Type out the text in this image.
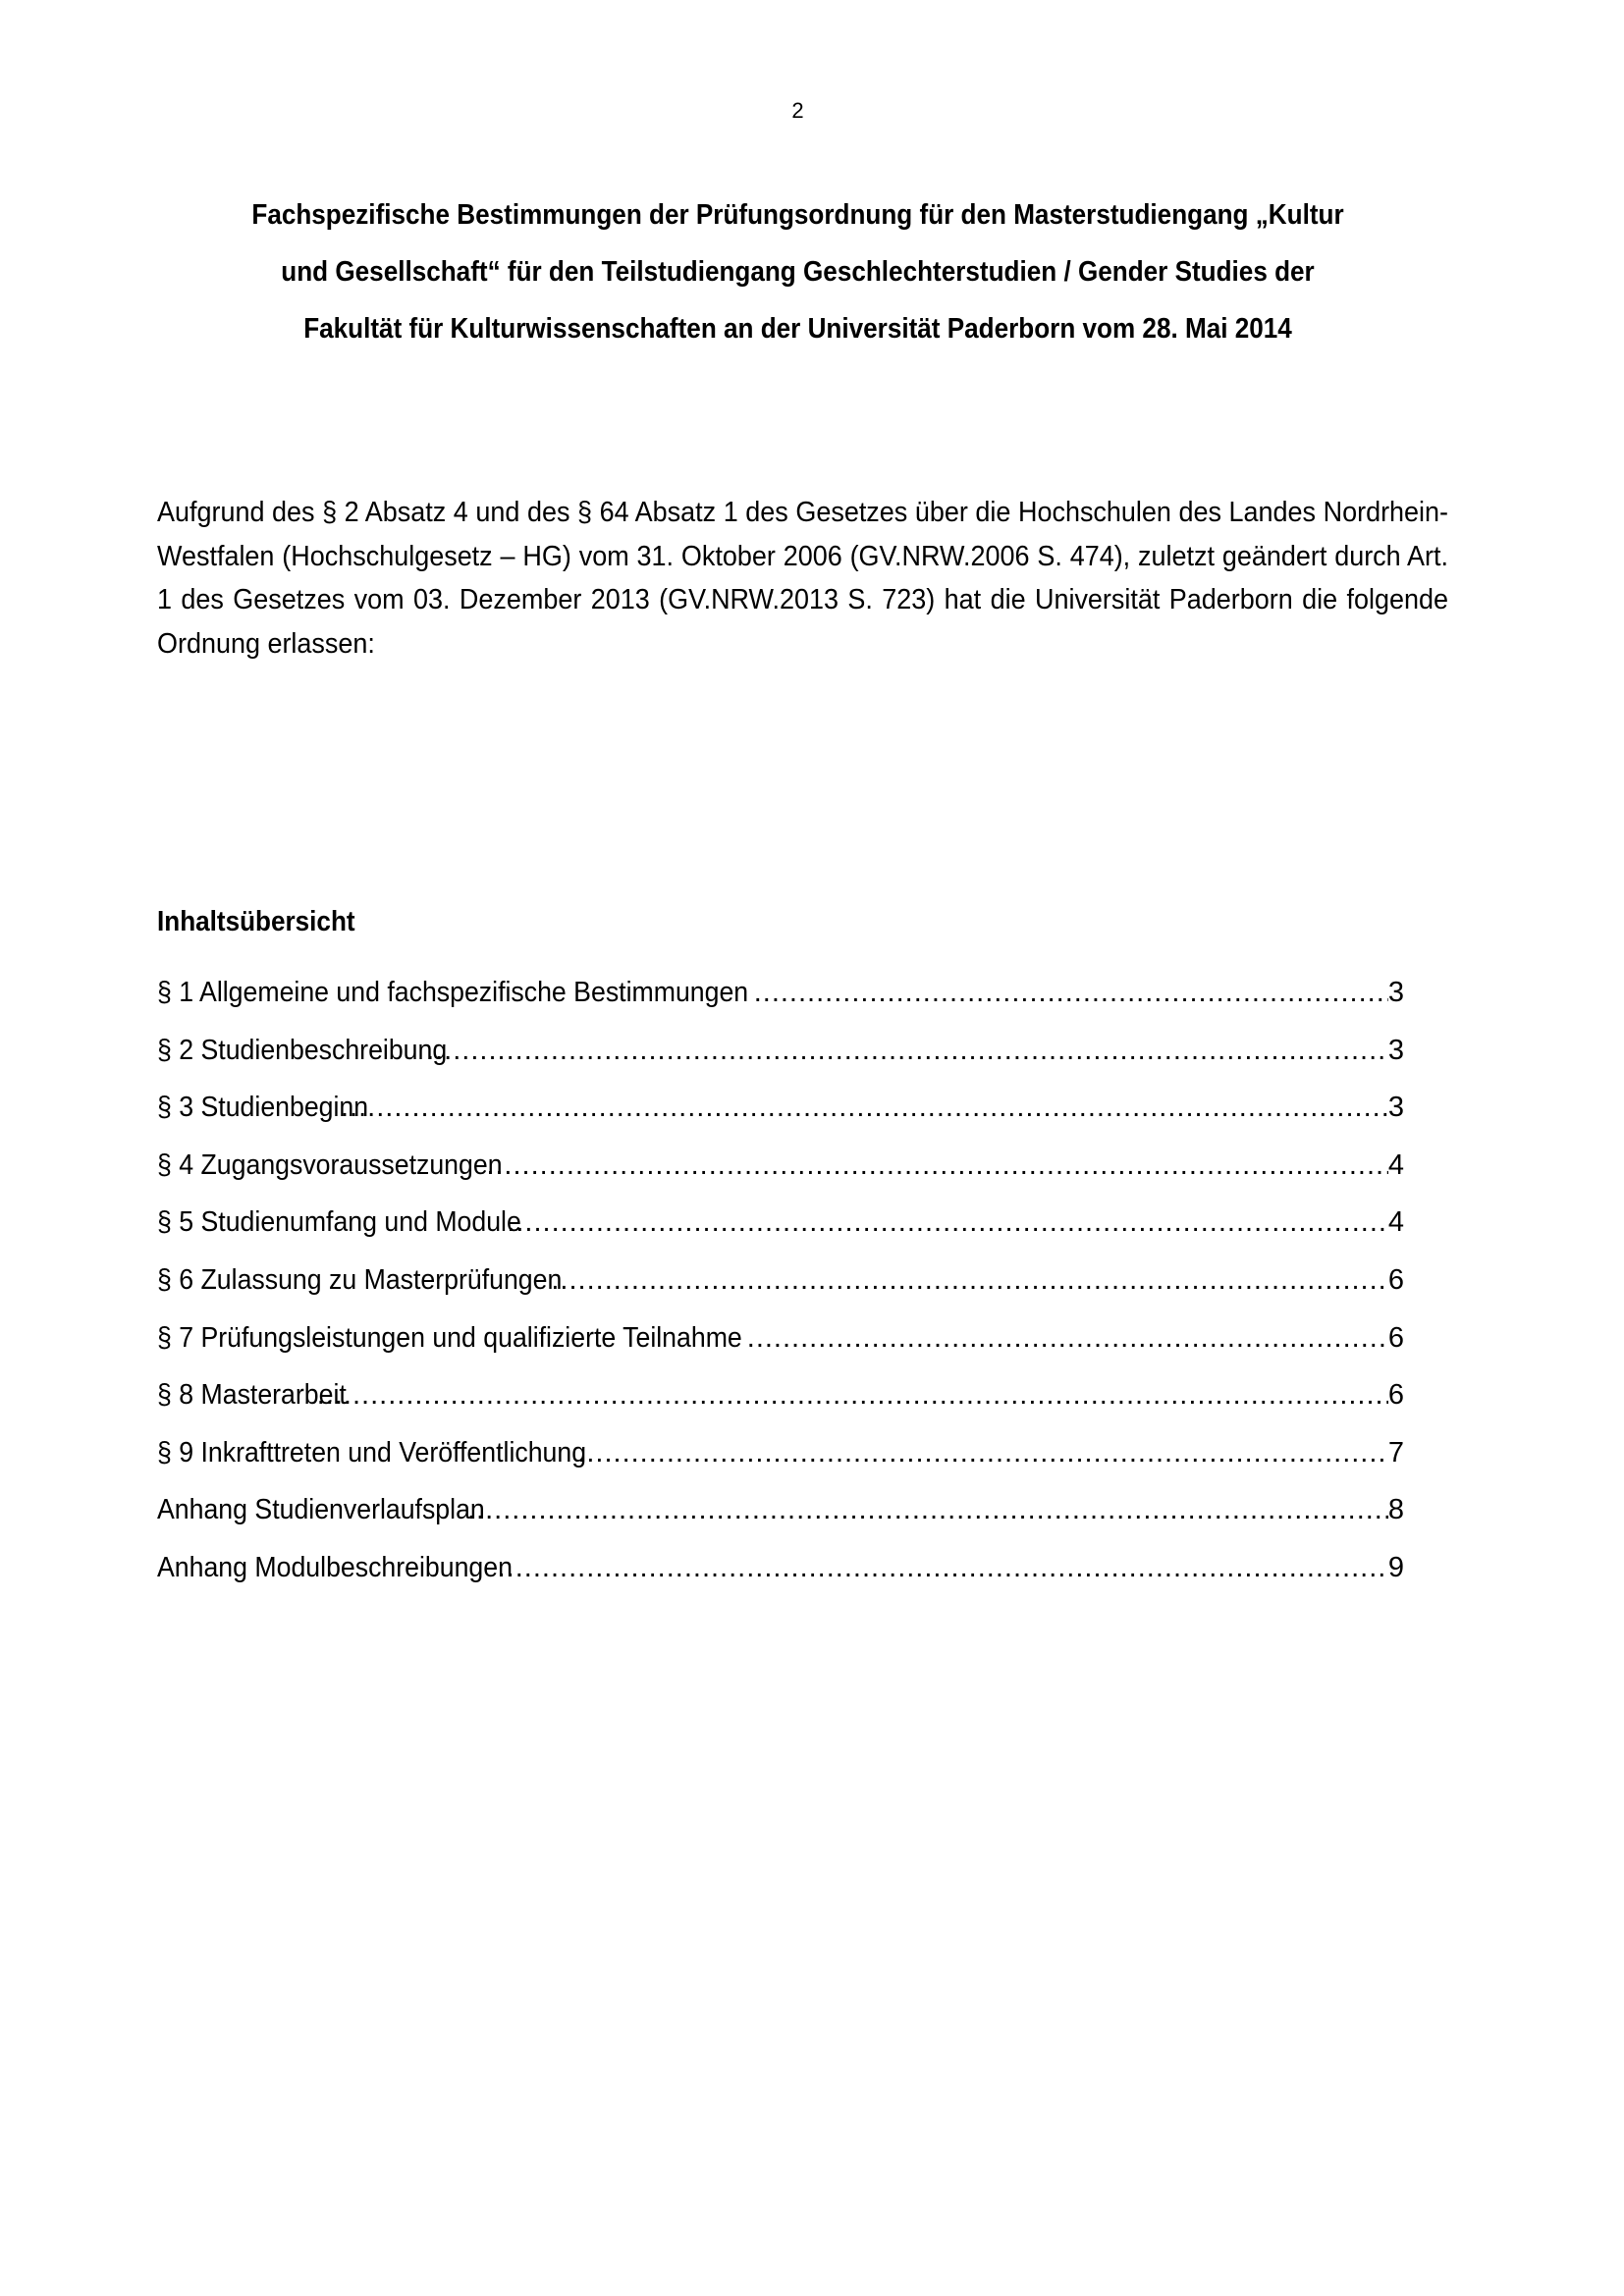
2
Fachspezifische Bestimmungen der Prüfungsordnung für den Masterstudiengang „Kultur und Gesellschaft“ für den Teilstudiengang Geschlechterstudien / Gender Studies der Fakultät für Kulturwissenschaften an der Universität Paderborn vom 28. Mai 2014
Aufgrund des § 2 Absatz 4 und des § 64 Absatz 1 des Gesetzes über die Hochschulen des Landes Nordrhein-Westfalen (Hochschulgesetz – HG) vom 31. Oktober 2006 (GV.NRW.2006 S. 474), zuletzt geändert durch Art. 1 des Gesetzes vom 03. Dezember 2013 (GV.NRW.2013 S. 723) hat die Universität Paderborn die folgende Ordnung erlassen:
Inhaltsübersicht
§ 1 Allgemeine und fachspezifische Bestimmungen .....	3
§ 2 Studienbeschreibung .....	3
§ 3 Studienbeginn .....	3
§ 4 Zugangsvoraussetzungen .....	4
§ 5 Studienumfang und Module .....	4
§ 6 Zulassung zu Masterprüfungen .....	6
§ 7 Prüfungsleistungen und qualifizierte Teilnahme .....	6
§ 8 Masterarbeit .....	6
§ 9 Inkrafttreten und Veröffentlichung .....	7
Anhang Studienverlaufsplan .....	8
Anhang Modulbeschreibungen .....	9
